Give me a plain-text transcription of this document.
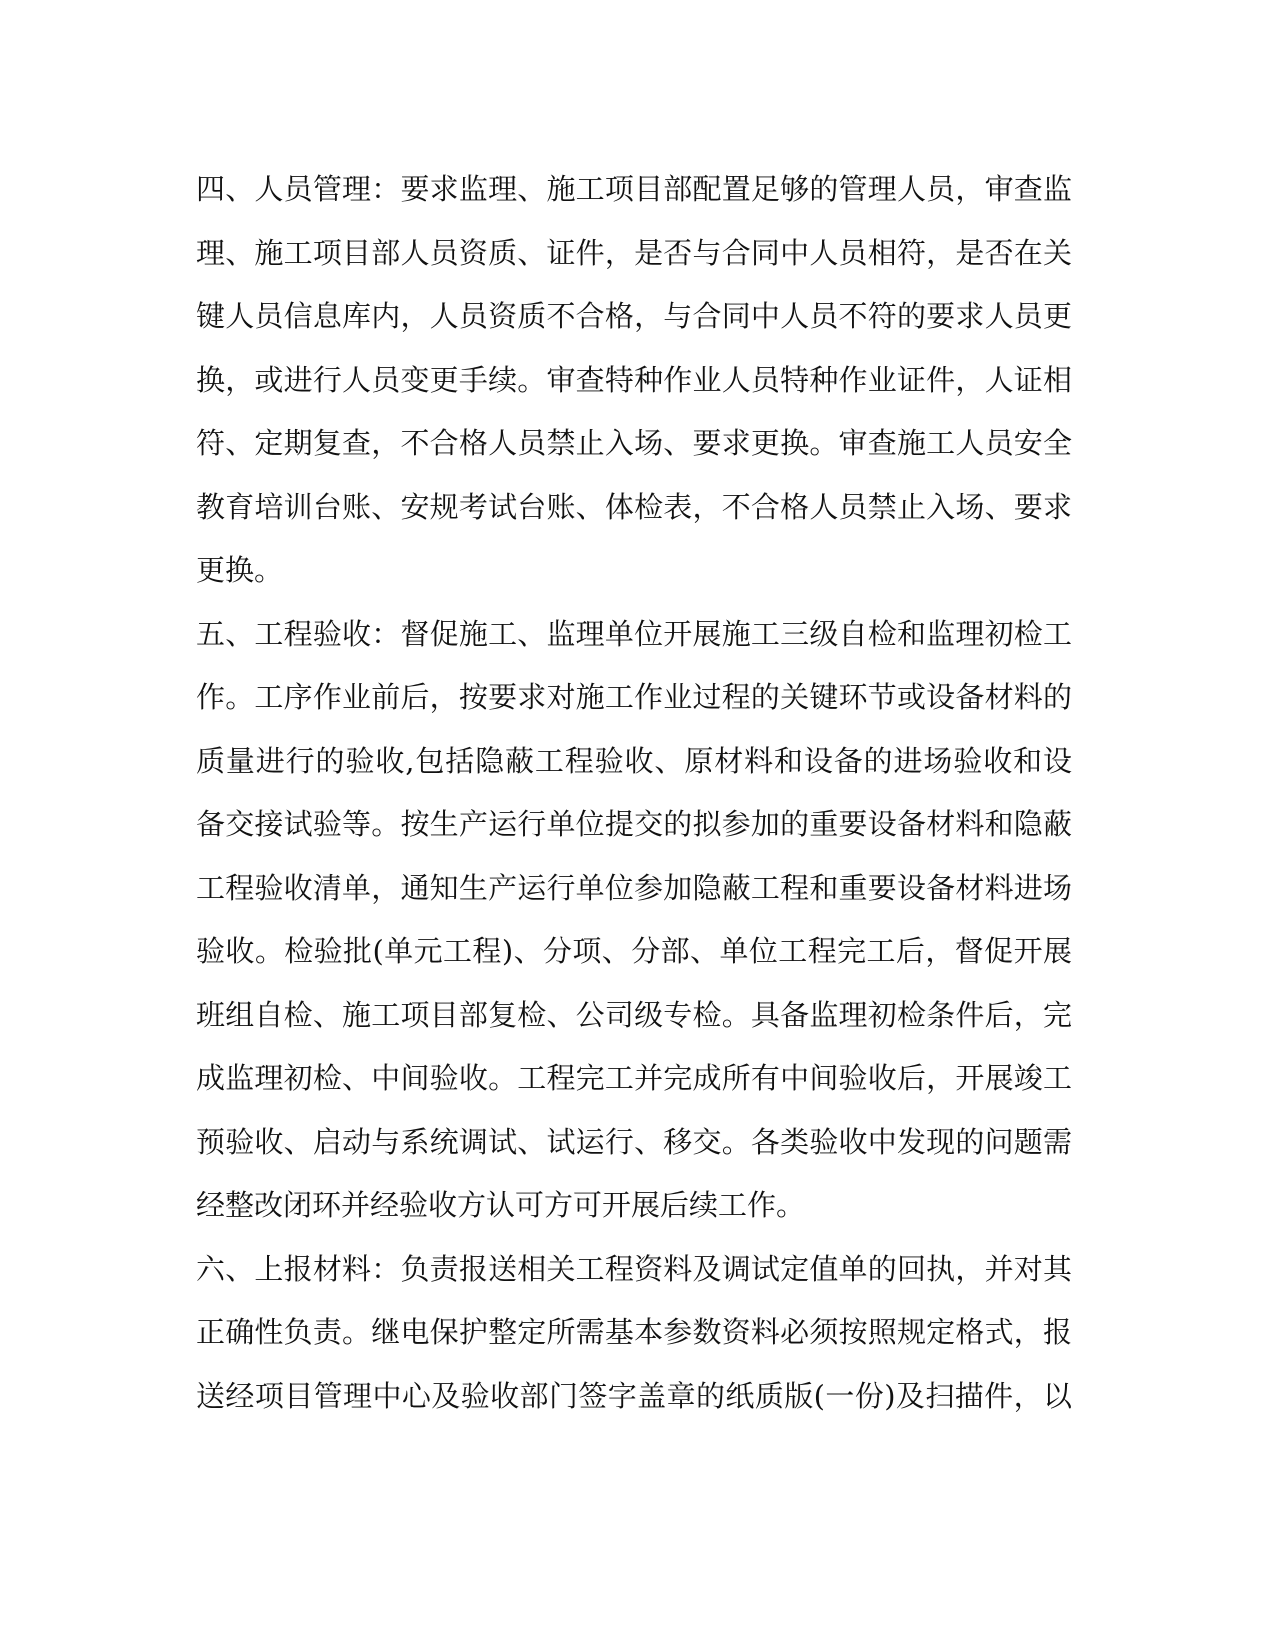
四、人员管理：要求监理、施工项目部配置足够的管理人员，审查监
理、施工项目部人员资质、证件，是否与合同中人员相符，是否在关
键人员信息库内，人员资质不合格，与合同中人员不符的要求人员更
换，或进行人员变更手续。审查特种作业人员特种作业证件，人证相
符、定期复查，不合格人员禁止入场、要求更换。审查施工人员安全
教育培训台账、安规考试台账、体检表，不合格人员禁止入场、要求
更换。
五、工程验收：督促施工、监理单位开展施工三级自检和监理初检工
作。工序作业前后，按要求对施工作业过程的关键环节或设备材料的
质量进行的验收,包括隐蔽工程验收、原材料和设备的进场验收和设
备交接试验等。按生产运行单位提交的拟参加的重要设备材料和隐蔽
工程验收清单，通知生产运行单位参加隐蔽工程和重要设备材料进场
验收。检验批(单元工程)、分项、分部、单位工程完工后，督促开展
班组自检、施工项目部复检、公司级专检。具备监理初检条件后，完
成监理初检、中间验收。工程完工并完成所有中间验收后，开展竣工
预验收、启动与系统调试、试运行、移交。各类验收中发现的问题需
经整改闭环并经验收方认可方可开展后续工作。
六、上报材料：负责报送相关工程资料及调试定值单的回执，并对其
正确性负责。继电保护整定所需基本参数资料必须按照规定格式，报
送经项目管理中心及验收部门签字盖章的纸质版(一份)及扫描件，以
